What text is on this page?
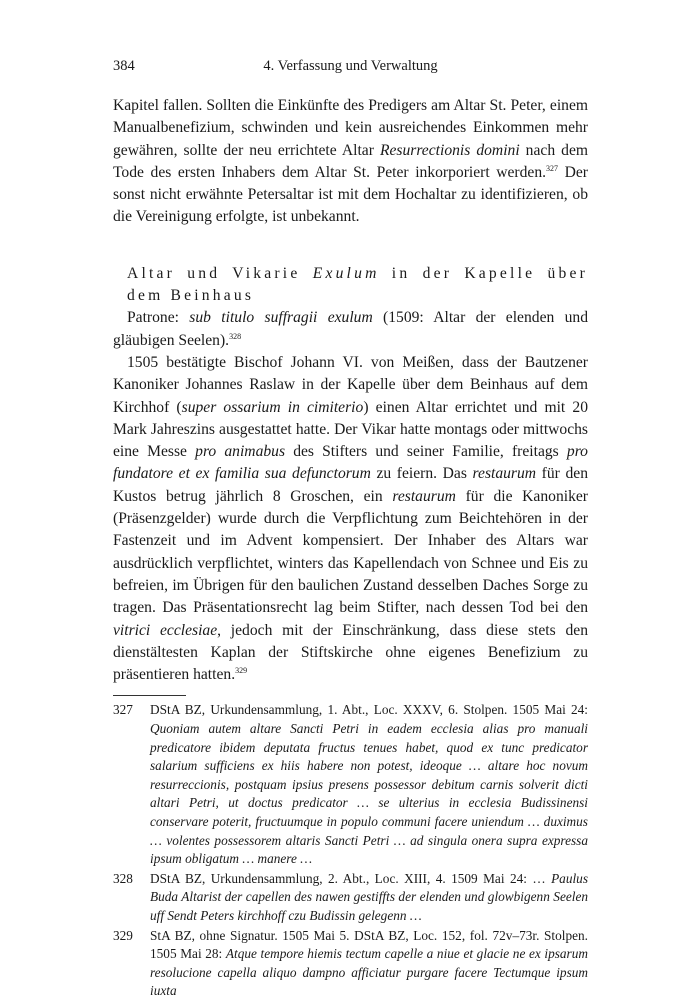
384	4. Verfassung und Verwaltung

Kapitel fallen. Sollten die Einkünfte des Predigers am Altar St. Peter, einem Manualbenefizium, schwinden und kein ausreichendes Einkommen mehr gewähren, sollte der neu errichtete Altar Resurrectionis domini nach dem Tode des ersten Inhabers dem Altar St. Peter inkorporiert werden.$^{327}$ Der sonst nicht erwähnte Petersaltar ist mit dem Hochaltar zu identifizieren, ob die Vereinigung erfolgte, ist unbekannt.

Altar und Vikarie Exulum in der Kapelle über dem Beinhaus

Patrone: sub titulo suffragii exulum (1509: Altar der elenden und gläubigen Seelen).$^{328}$

1505 bestätigte Bischof Johann VI. von Meißen, dass der Bautzener Kanoniker Johannes Raslaw in der Kapelle über dem Beinhaus auf dem Kirchhof (super ossarium in cimiterio) einen Altar errichtet und mit 20 Mark Jahreszins ausgestattet hatte. Der Vikar hatte montags oder mittwochs eine Messe pro animabus des Stifters und seiner Familie, freitags pro fundatore et ex familia sua defunctorum zu feiern. Das restaurum für den Kustos betrug jährlich 8 Groschen, ein restaurum für die Kanoniker (Präsenzgelder) wurde durch die Verpflichtung zum Beichtehören in der Fastenzeit und im Advent kompensiert. Der Inhaber des Altars war ausdrücklich verpflichtet, winters das Kapellendach von Schnee und Eis zu befreien, im Übrigen für den baulichen Zustand desselben Daches Sorge zu tragen. Das Präsentationsrecht lag beim Stifter, nach dessen Tod bei den vitrici ecclesiae, jedoch mit der Einschränkung, dass diese stets den dienstältesten Kaplan der Stiftskirche ohne eigenes Benefizium zu präsentieren hatten.$^{329}$

327 DStA BZ, Urkundensammlung, 1. Abt., Loc. XXXV, 6. Stolpen. 1505 Mai 24: Quoniam autem altare Sancti Petri in eadem ecclesia alias pro manuali predicatore ibidem deputata fructus tenues habet, quod ex tunc predicator salarium sufficiens ex hiis habere non potest, ideoque … altare hoc novum resurreccionis, postquam ipsius presens possessor debitum carnis solverit dicti altari Petri, ut doctus predicator … se ulterius in ecclesia Budissinensi conservare poterit, fructuumque in populo communi facere uniendum … duximus … volentes possessorem altaris Sancti Petri … ad singula onera supra expressa ipsum obligatum … manere …

328 DStA BZ, Urkundensammlung, 2. Abt., Loc. XIII, 4. 1509 Mai 24: … Paulus Buda Altarist der capellen des nawen gestiffts der elenden und glowbigenn Seelen uff Sendt Peters kirchhoff czu Budissin gelegenn …

329 StA BZ, ohne Signatur. 1505 Mai 5. DStA BZ, Loc. 152, fol. 72v–73r. Stolpen. 1505 Mai 28: Atque tempore hiemis tectum capelle a niue et glacie ne ex ipsarum resolucione capella aliquo dampno afficiatur purgare facere Tectumque ipsum iuxta
